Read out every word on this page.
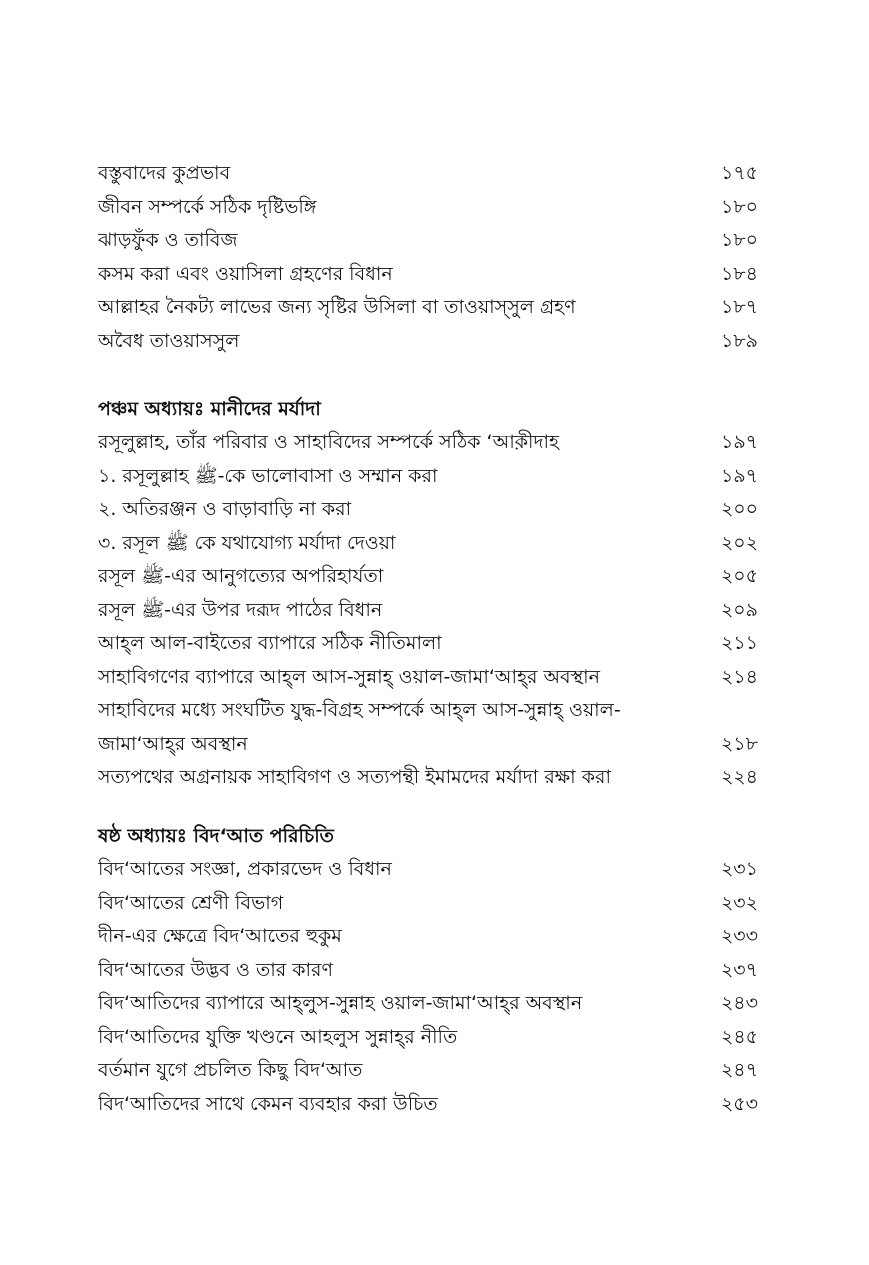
বস্তুবাদের কুপ্রভাব	১৭৫
জীবন সম্পর্কে সঠিক দৃষ্টিভঙ্গি	১৮০
ঝাড়ফুঁক ও তাবিজ	১৮০
কসম করা এবং ওয়াসিলা গ্রহণের বিধান	১৮৪
আল্লাহর নৈকট্য লাভের জন্য সৃষ্টির উসিলা বা তাওয়াস্সুল গ্রহণ	১৮৭
অবৈধ তাওয়াসসুল	১৮৯
পঞ্চম অধ্যায়ঃ মানীদের মর্যাদা
রসূলুল্লাহ, তাঁর পরিবার ও সাহাবিদের সম্পর্কে সঠিক ‘আক়ীদাহ	১৯৭
১. রসূলুল্লাহ ﷺ-কে ভালোবাসা ও সম্মান করা	১৯৭
২. অতিরঞ্জন ও বাড়াবাড়ি না করা	২০০
৩. রসূল ﷺ কে যথাযোগ্য মর্যাদা দেওয়া	২০২
রসূল ﷺ-এর আনুগত্যের অপরিহার্যতা	২০৫
রসূল ﷺ-এর উপর দরূদ পাঠের বিধান	২০৯
আহ্‌ল আল-বাইতের ব্যাপারে সঠিক নীতিমালা	২১১
সাহাবিগণের ব্যাপারে আহ্‌ল আস-সুন্নাহ্‌ ওয়াল-জামা‘আহ্‌র অবস্থান	২১৪
সাহাবিদের মধ্যে সংঘটিত যুদ্ধ-বিগ্রহ সম্পর্কে আহ্‌ল আস-সুন্নাহ্‌ ওয়াল-
জামা‘আহ্‌র অবস্থান	২১৮
সত্যপথের অগ্রনায়ক সাহাবিগণ ও সত্যপন্থী ইমামদের মর্যাদা রক্ষা করা	২২৪
ষষ্ঠ অধ্যায়ঃ বিদ‘আত পরিচিতি
বিদ‘আতের সংজ্ঞা, প্রকারভেদ ও বিধান	২৩১
বিদ‘আতের শ্রেণী বিভাগ	২৩২
দীন-এর ক্ষেত্রে বিদ‘আতের হুকুম	২৩৩
বিদ‘আতের উদ্ভব ও তার কারণ	২৩৭
বিদ‘আতিদের ব্যাপারে আহ্‌লুস-সুন্নাহ ওয়াল-জামা‘আহ্‌র অবস্থান	২৪৩
বিদ‘আতিদের যুক্তি খণ্ডনে আহলুস সুন্নাহ্‌র নীতি	২৪৫
বর্তমান যুগে প্রচলিত কিছু বিদ‘আত	২৪৭
বিদ‘আতিদের সাথে কেমন ব্যবহার করা উচিত	২৫৩
